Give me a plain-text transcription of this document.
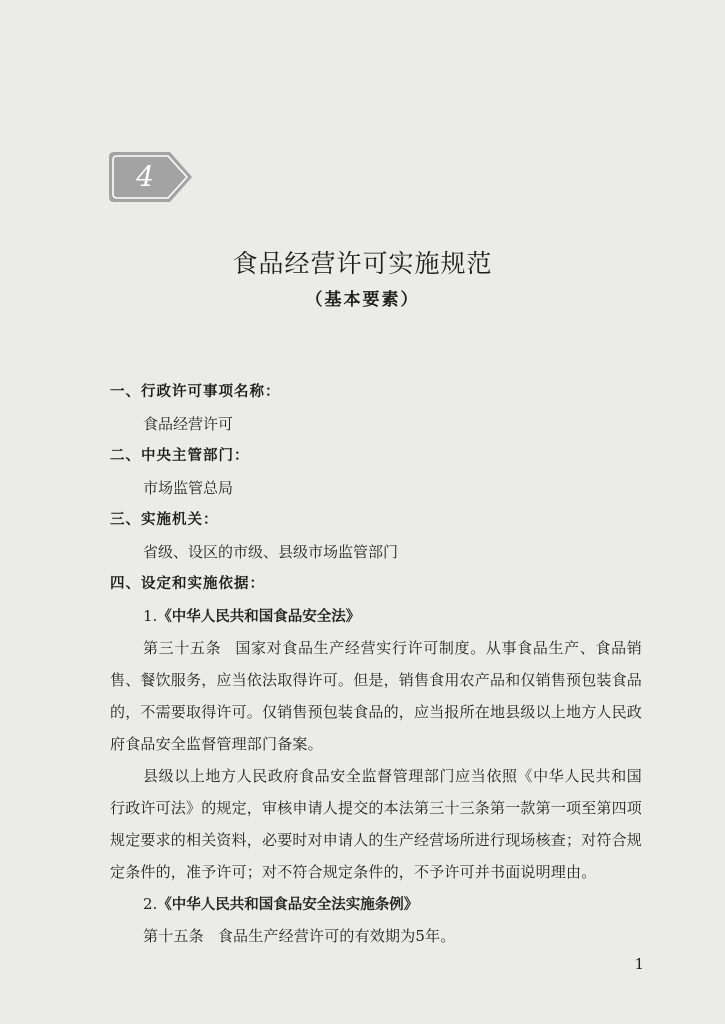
4
食品经营许可实施规范
（基本要素）
一、行政许可事项名称：
食品经营许可
二、中央主管部门：
市场监管总局
三、实施机关：
省级、设区的市级、县级市场监管部门
四、设定和实施依据：
1.《中华人民共和国食品安全法》
第三十五条 国家对食品生产经营实行许可制度。从事食品生产、食品销售、餐饮服务，应当依法取得许可。但是，销售食用农产品和仅销售预包装食品的，不需要取得许可。仅销售预包装食品的，应当报所在地县级以上地方人民政府食品安全监督管理部门备案。
县级以上地方人民政府食品安全监督管理部门应当依照《中华人民共和国行政许可法》的规定，审核申请人提交的本法第三十三条第一款第一项至第四项规定要求的相关资料，必要时对申请人的生产经营场所进行现场核查；对符合规定条件的，准予许可；对不符合规定条件的，不予许可并书面说明理由。
2.《中华人民共和国食品安全法实施条例》
第十五条 食品生产经营许可的有效期为5年。
1
